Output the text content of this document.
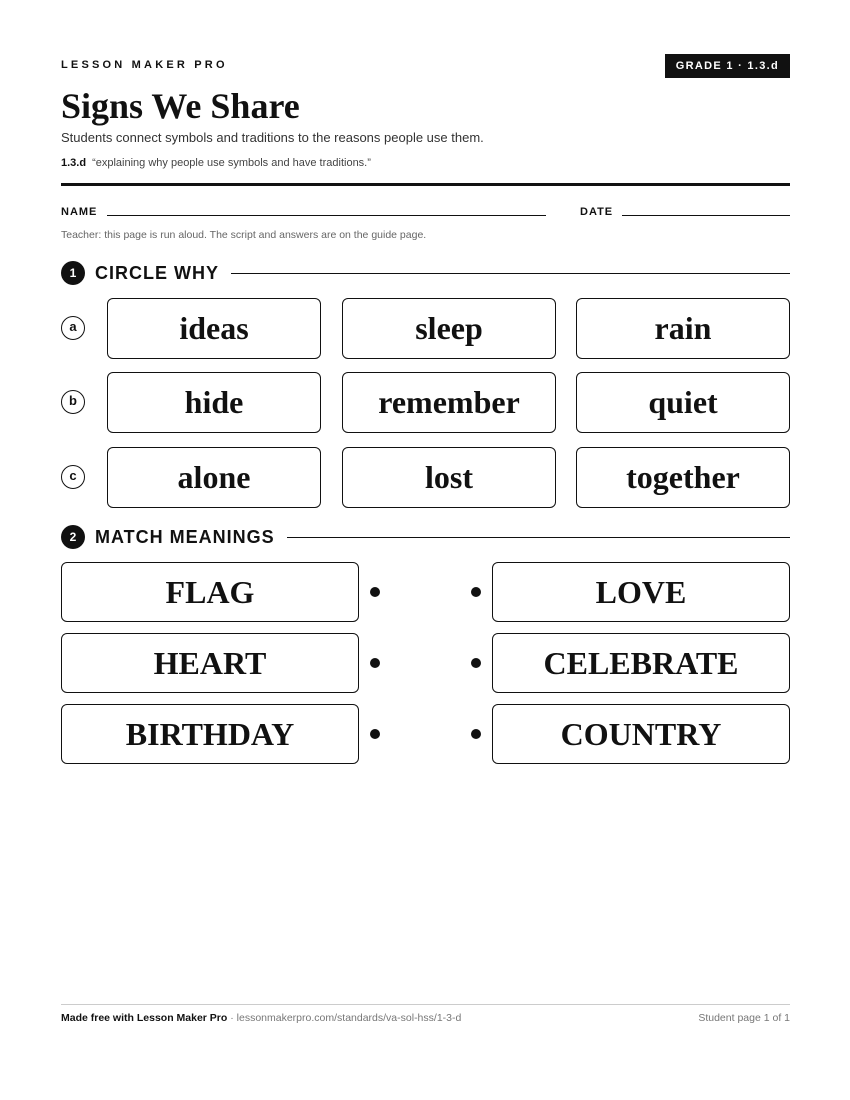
LESSON MAKER PRO	GRADE 1 · 1.3.d
Signs We Share
Students connect symbols and traditions to the reasons people use them.
1.3.d “explaining why people use symbols and have traditions.”
NAME	DATE
Teacher: this page is run aloud. The script and answers are on the guide page.
1	CIRCLE WHY
a	ideas	sleep	rain
b	hide	remember	quiet
c	alone	lost	together
2	MATCH MEANINGS
FLAG	LOVE
HEART	CELEBRATE
BIRTHDAY	COUNTRY
Made free with Lesson Maker Pro · lessonmakerpro.com/standards/va-sol-hss/1-3-d	Student page 1 of 1
